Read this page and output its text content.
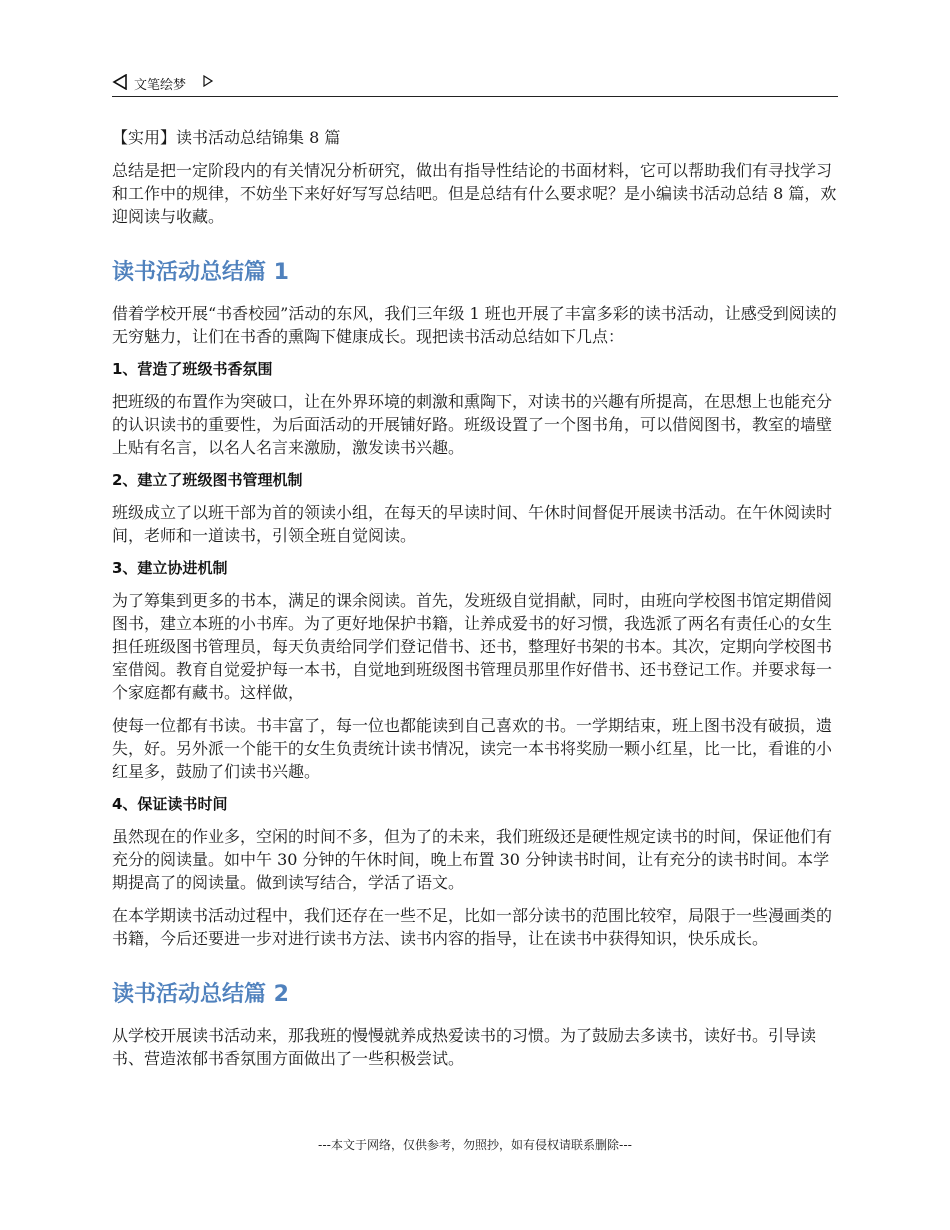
文笔绘梦

【实用】读书活动总结锦集 8 篇

总结是把一定阶段内的有关情况分析研究，做出有指导性结论的书面材料，它可以帮助我们有寻找学习和工作中的规律，不妨坐下来好好写写总结吧。但是总结有什么要求呢？是小编读书活动总结 8 篇，欢迎阅读与收藏。

读书活动总结篇 1

借着学校开展“书香校园”活动的东风，我们三年级 1 班也开展了丰富多彩的读书活动，让感受到阅读的无穷魅力，让们在书香的熏陶下健康成长。现把读书活动总结如下几点：

1、营造了班级书香氛围

把班级的布置作为突破口，让在外界环境的刺激和熏陶下，对读书的兴趣有所提高，在思想上也能充分的认识读书的重要性，为后面活动的开展铺好路。班级设置了一个图书角，可以借阅图书，教室的墙壁上贴有名言，以名人名言来激励，激发读书兴趣。

2、建立了班级图书管理机制

班级成立了以班干部为首的领读小组，在每天的早读时间、午休时间督促开展读书活动。在午休阅读时间，老师和一道读书，引领全班自觉阅读。

3、建立协进机制

为了筹集到更多的书本，满足的课余阅读。首先，发班级自觉捐献，同时，由班向学校图书馆定期借阅图书，建立本班的小书库。为了更好地保护书籍，让养成爱书的好习惯，我选派了两名有责任心的女生担任班级图书管理员，每天负责给同学们登记借书、还书，整理好书架的书本。其次，定期向学校图书室借阅。教育自觉爱护每一本书，自觉地到班级图书管理员那里作好借书、还书登记工作。并要求每一个家庭都有藏书。这样做，

使每一位都有书读。书丰富了，每一位也都能读到自己喜欢的书。一学期结束，班上图书没有破损，遗失，好。另外派一个能干的女生负责统计读书情况，读完一本书将奖励一颗小红星，比一比，看谁的小红星多，鼓励了们读书兴趣。

4、保证读书时间

虽然现在的作业多，空闲的时间不多，但为了的未来，我们班级还是硬性规定读书的时间，保证他们有充分的阅读量。如中午 30 分钟的午休时间，晚上布置 30 分钟读书时间，让有充分的读书时间。本学期提高了的阅读量。做到读写结合，学活了语文。

在本学期读书活动过程中，我们还存在一些不足，比如一部分读书的范围比较窄，局限于一些漫画类的书籍，今后还要进一步对进行读书方法、读书内容的指导，让在读书中获得知识，快乐成长。

读书活动总结篇 2

从学校开展读书活动来，那我班的慢慢就养成热爱读书的习惯。为了鼓励去多读书，读好书。引导读书、营造浓郁书香氛围方面做出了一些积极尝试。

---本文于网络，仅供参考，勿照抄，如有侵权请联系删除---
